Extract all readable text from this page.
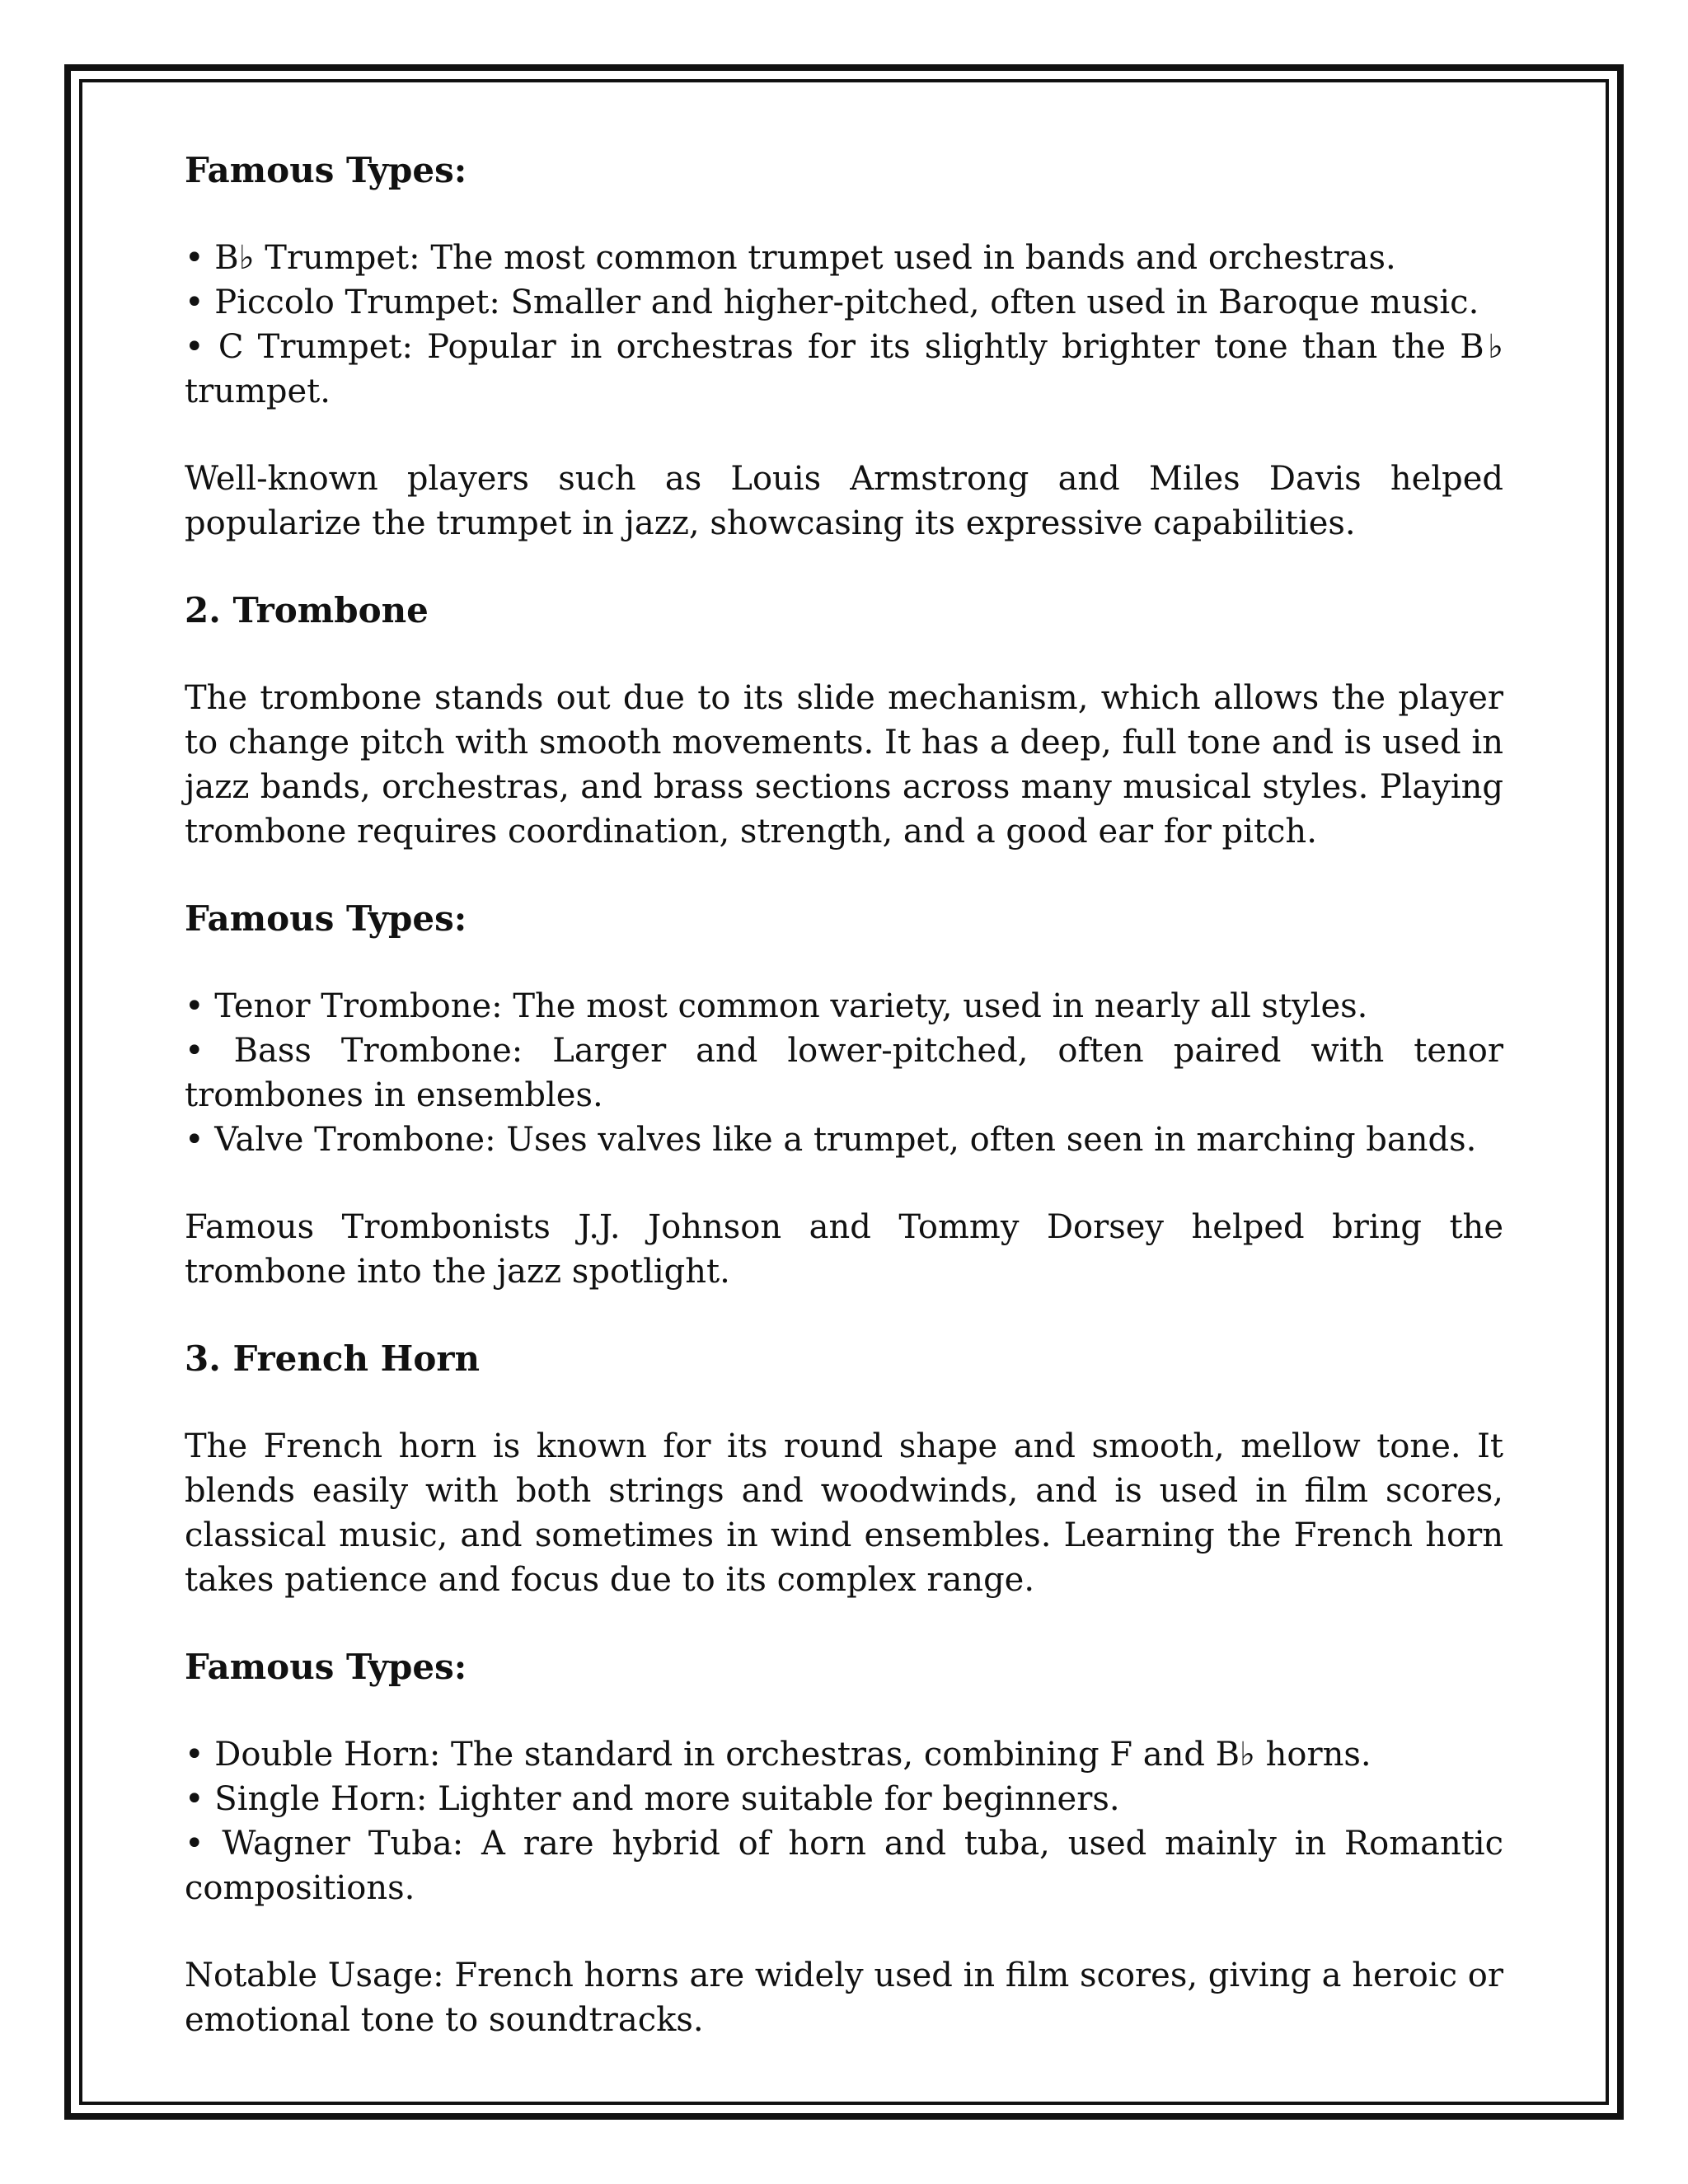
Famous Types:
• B♭ Trumpet: The most common trumpet used in bands and orchestras.
• Piccolo Trumpet: Smaller and higher-pitched, often used in Baroque music.
• C Trumpet: Popular in orchestras for its slightly brighter tone than the B♭ trumpet.
Well-known players such as Louis Armstrong and Miles Davis helped popularize the trumpet in jazz, showcasing its expressive capabilities.
2. Trombone
The trombone stands out due to its slide mechanism, which allows the player to change pitch with smooth movements. It has a deep, full tone and is used in jazz bands, orchestras, and brass sections across many musical styles. Playing trombone requires coordination, strength, and a good ear for pitch.
Famous Types:
• Tenor Trombone: The most common variety, used in nearly all styles.
• Bass Trombone: Larger and lower-pitched, often paired with tenor trombones in ensembles.
• Valve Trombone: Uses valves like a trumpet, often seen in marching bands.
Famous Trombonists J.J. Johnson and Tommy Dorsey helped bring the trombone into the jazz spotlight.
3. French Horn
The French horn is known for its round shape and smooth, mellow tone. It blends easily with both strings and woodwinds, and is used in film scores, classical music, and sometimes in wind ensembles. Learning the French horn takes patience and focus due to its complex range.
Famous Types:
• Double Horn: The standard in orchestras, combining F and B♭ horns.
• Single Horn: Lighter and more suitable for beginners.
• Wagner Tuba: A rare hybrid of horn and tuba, used mainly in Romantic compositions.
Notable Usage: French horns are widely used in film scores, giving a heroic or emotional tone to soundtracks.
